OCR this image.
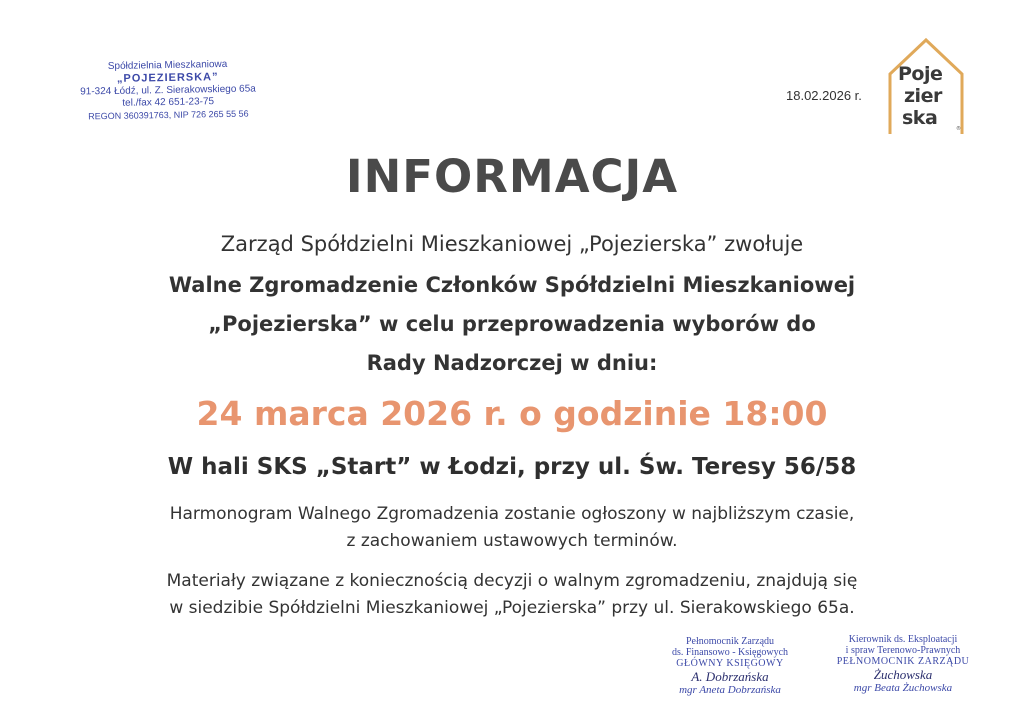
Spółdzielnia Mieszkaniowa
„POJEZIERSKA”
91-324 Łódź, ul. Z. Sierakowskiego 65a
tel./fax 42 651-23-75
REGON 360391763, NIP 726 265 55 56
18.02.2026 r.
Poje
zier
ska	®
INFORMACJA
Zarząd Spółdzielni Mieszkaniowej „Pojezierska” zwołuje
Walne Zgromadzenie Członków Spółdzielni Mieszkaniowej
„Pojezierska” w celu przeprowadzenia wyborów do
Rady Nadzorczej w dniu:
24 marca 2026 r. o godzinie 18:00
W hali SKS „Start” w Łodzi, przy ul. Św. Teresy 56/58
Harmonogram Walnego Zgromadzenia zostanie ogłoszony w najbliższym czasie,
z zachowaniem ustawowych terminów.
Materiały związane z koniecznością decyzji o walnym zgromadzeniu, znajdują się
w siedzibie Spółdzielni Mieszkaniowej „Pojezierska” przy ul. Sierakowskiego 65a.
Pełnomocnik Zarządu
ds. Finansowo - Księgowych
GŁÓWNY KSIĘGOWY
A. Dobrzańska
mgr Aneta Dobrzańska
Kierownik ds. Eksploatacji
i spraw Terenowo-Prawnych
PEŁNOMOCNIK ZARZĄDU
Żuchowska
mgr Beata Żuchowska
